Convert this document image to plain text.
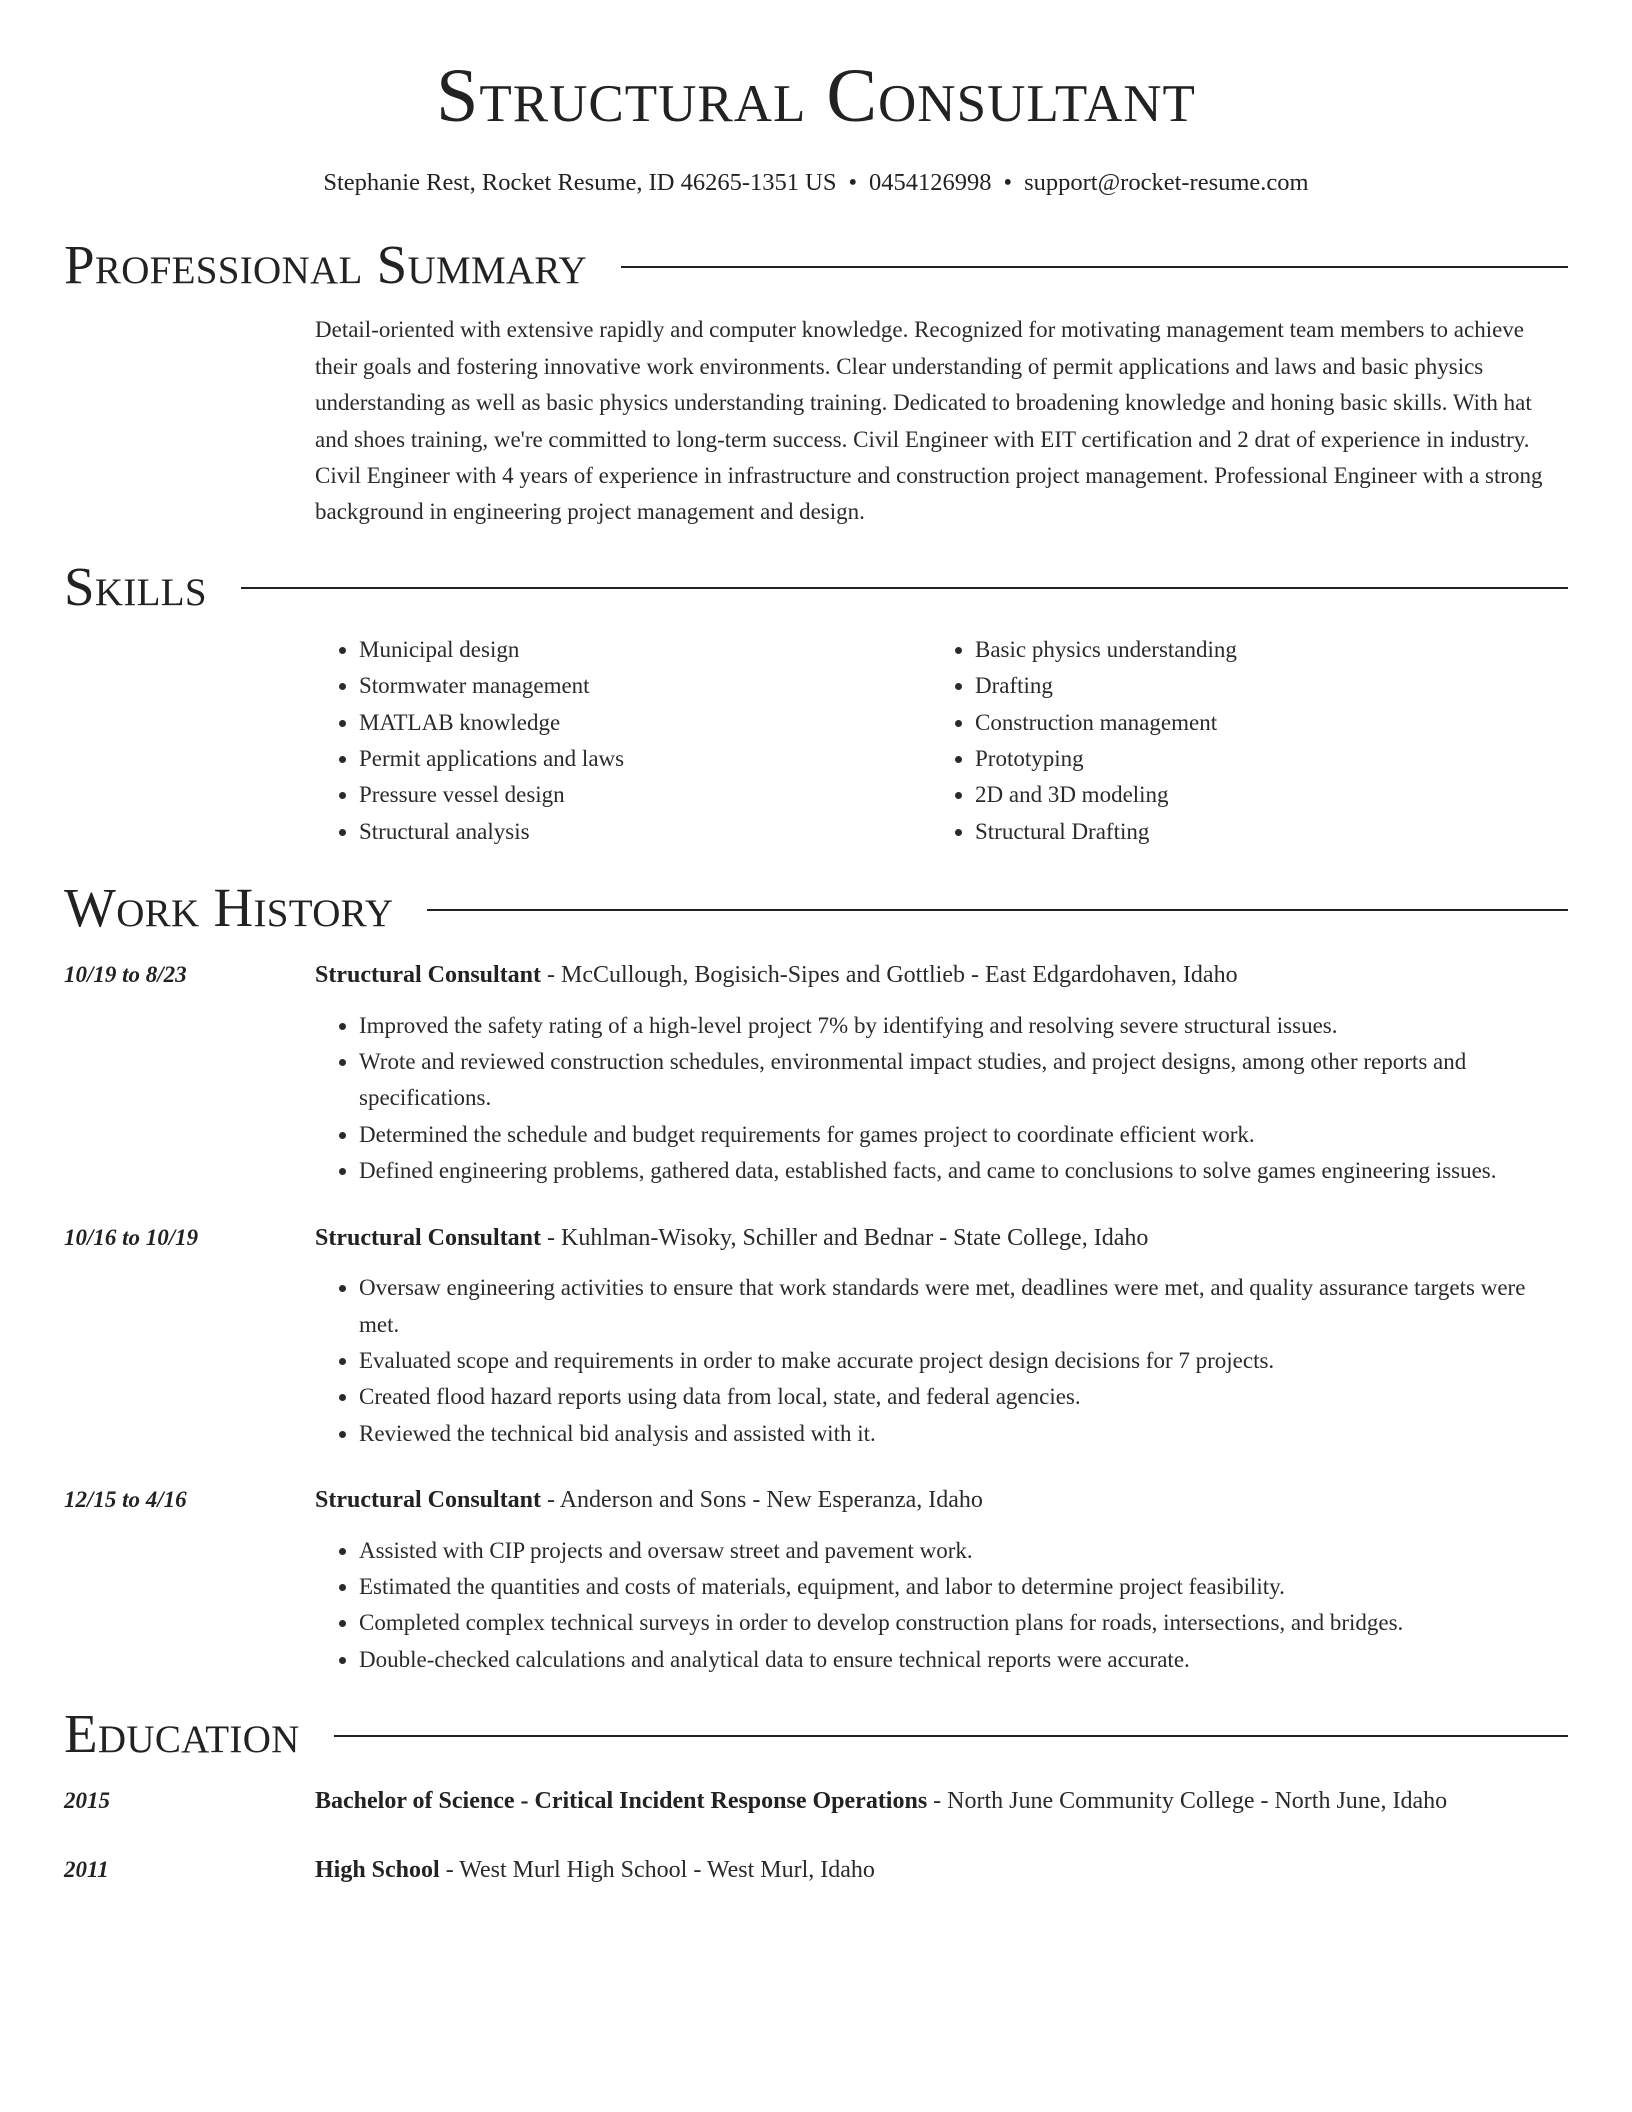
Structural Consultant
Stephanie Rest, Rocket Resume, ID 46265-1351 US • 0454126998 • support@rocket-resume.com
Professional Summary
Detail-oriented with extensive rapidly and computer knowledge. Recognized for motivating management team members to achieve their goals and fostering innovative work environments. Clear understanding of permit applications and laws and basic physics understanding as well as basic physics understanding training. Dedicated to broadening knowledge and honing basic skills. With hat and shoes training, we're committed to long-term success. Civil Engineer with EIT certification and 2 drat of experience in industry. Civil Engineer with 4 years of experience in infrastructure and construction project management. Professional Engineer with a strong background in engineering project management and design.
Skills
• Municipal design
• Stormwater management
• MATLAB knowledge
• Permit applications and laws
• Pressure vessel design
• Structural analysis
• Basic physics understanding
• Drafting
• Construction management
• Prototyping
• 2D and 3D modeling
• Structural Drafting
Work History
10/19 to 8/23	Structural Consultant - McCullough, Bogisich-Sipes and Gottlieb - East Edgardohaven, Idaho
• Improved the safety rating of a high-level project 7% by identifying and resolving severe structural issues.
• Wrote and reviewed construction schedules, environmental impact studies, and project designs, among other reports and specifications.
• Determined the schedule and budget requirements for games project to coordinate efficient work.
• Defined engineering problems, gathered data, established facts, and came to conclusions to solve games engineering issues.
10/16 to 10/19	Structural Consultant - Kuhlman-Wisoky, Schiller and Bednar - State College, Idaho
• Oversaw engineering activities to ensure that work standards were met, deadlines were met, and quality assurance targets were met.
• Evaluated scope and requirements in order to make accurate project design decisions for 7 projects.
• Created flood hazard reports using data from local, state, and federal agencies.
• Reviewed the technical bid analysis and assisted with it.
12/15 to 4/16	Structural Consultant - Anderson and Sons - New Esperanza, Idaho
• Assisted with CIP projects and oversaw street and pavement work.
• Estimated the quantities and costs of materials, equipment, and labor to determine project feasibility.
• Completed complex technical surveys in order to develop construction plans for roads, intersections, and bridges.
• Double-checked calculations and analytical data to ensure technical reports were accurate.
Education
2015	Bachelor of Science - Critical Incident Response Operations - North June Community College - North June, Idaho
2011	High School - West Murl High School - West Murl, Idaho
